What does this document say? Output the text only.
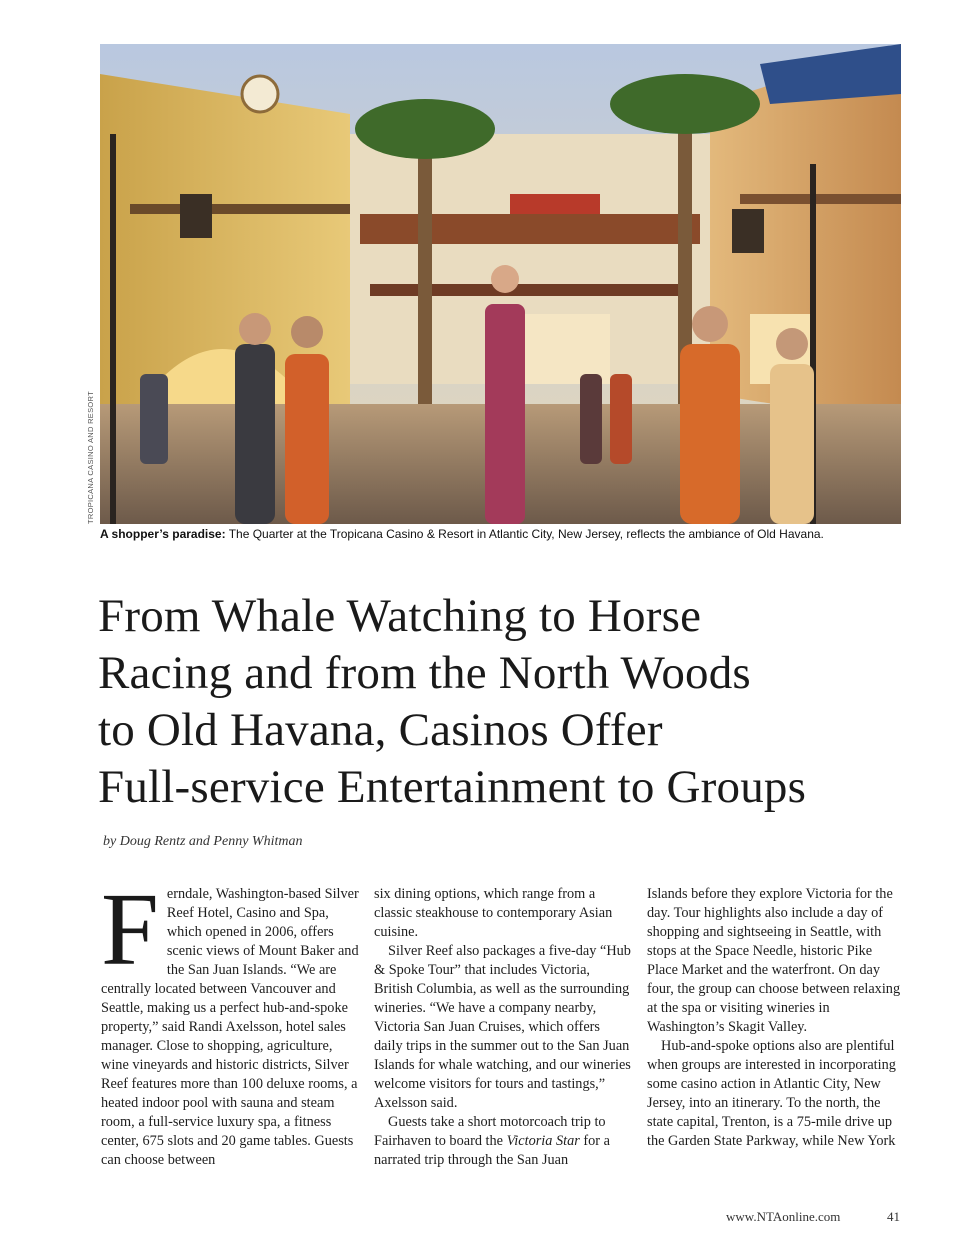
TROPICANA CASINO AND RESORT
A shopper’s paradise: The Quarter at the Tropicana Casino & Resort in Atlantic City, New Jersey, reflects the ambiance of Old Havana.
From Whale Watching to Horse
Racing and from the North Woods
to Old Havana, Casinos Offer
Full-service Entertainment to Groups
by Doug Rentz and Penny Whitman

Ferndale, Washington-based Silver Reef Hotel, Casino and Spa, which opened in 2006, offers scenic views of Mount Baker and the San Juan Islands. “We are centrally located between Vancouver and Seattle, making us a perfect hub-and-spoke property,” said Randi Axelsson, hotel sales manager. Close to shopping, agriculture, wine vineyards and historic districts, Silver Reef features more than 100 deluxe rooms, a heated indoor pool with sauna and steam room, a full-service luxury spa, a fitness center, 675 slots and 20 game tables. Guests can choose between

six dining options, which range from a classic steakhouse to contemporary Asian cuisine.

Silver Reef also packages a five-day “Hub & Spoke Tour” that includes Victoria, British Columbia, as well as the surrounding wineries. “We have a company nearby, Victoria San Juan Cruises, which offers daily trips in the summer out to the San Juan Islands for whale watching, and our wineries welcome visitors for tours and tastings,” Axelsson said.

Guests take a short motorcoach trip to Fairhaven to board the Victoria Star for a narrated trip through the San Juan

Islands before they explore Victoria for the day. Tour highlights also include a day of shopping and sightseeing in Seattle, with stops at the Space Needle, historic Pike Place Market and the waterfront. On day four, the group can choose between relaxing at the spa or visiting wineries in Washington’s Skagit Valley.

Hub-and-spoke options also are plentiful when groups are interested in incorporating some casino action in Atlantic City, New Jersey, into an itinerary. To the north, the state capital, Trenton, is a 75-mile drive up the Garden State Parkway, while New York

www.NTAonline.com	41
